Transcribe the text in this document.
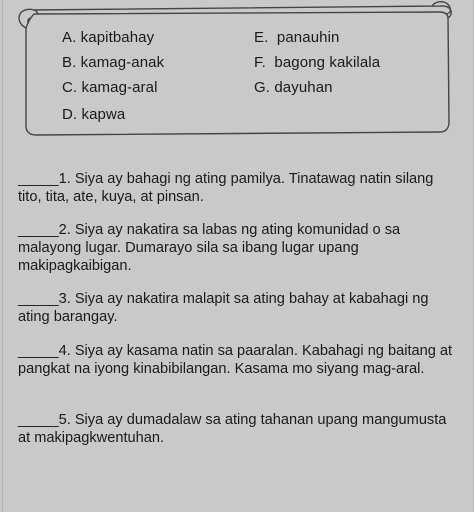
A. kapitbahay
B. kamag-anak
C. kamag-aral
D. kapwa
E. panauhin
F. bagong kakilala
G. dayuhan
_____1. Siya ay bahagi ng ating pamilya. Tinatawag natin silang tito, tita, ate, kuya, at pinsan.
_____2. Siya ay nakatira sa labas ng ating komunidad o sa malayong lugar. Dumarayo sila sa ibang lugar upang makipagkaibigan.
_____3. Siya ay nakatira malapit sa ating bahay at kabahagi ng ating barangay.
_____4. Siya ay kasama natin sa paaralan. Kabahagi ng baitang at pangkat na iyong kinabibilangan. Kasama mo siyang mag-aral.
_____5. Siya ay dumadalaw sa ating tahanan upang mangumusta at makipagkwentuhan.
